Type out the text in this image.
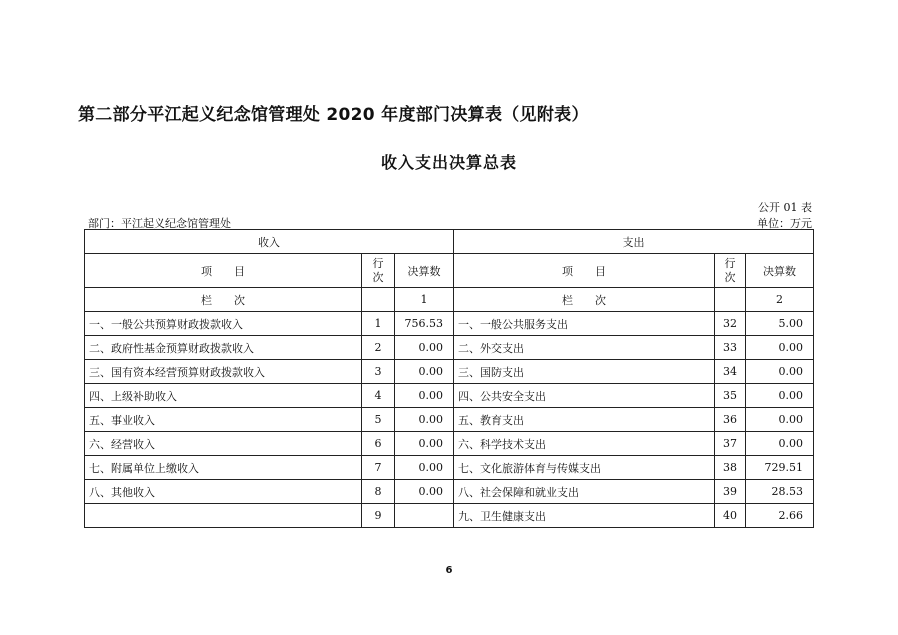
第二部分平江起义纪念馆管理处 2020 年度部门决算表（见附表）
收入支出决算总表
公开 01 表
部门：平江起义纪念馆管理处	单位：万元
收入			支出		
项　　目	行次	决算数	项　　目	行次	决算数
栏　　次		1	栏　　次		2
一、一般公共预算财政拨款收入	1	756.53	一、一般公共服务支出	32	5.00
二、政府性基金预算财政拨款收入	2	0.00	二、外交支出	33	0.00
三、国有资本经营预算财政拨款收入	3	0.00	三、国防支出	34	0.00
四、上级补助收入	4	0.00	四、公共安全支出	35	0.00
五、事业收入	5	0.00	五、教育支出	36	0.00
六、经营收入	6	0.00	六、科学技术支出	37	0.00
七、附属单位上缴收入	7	0.00	七、文化旅游体育与传媒支出	38	729.51
八、其他收入	8	0.00	八、社会保障和就业支出	39	28.53
	9		九、卫生健康支出	40	2.66
6
